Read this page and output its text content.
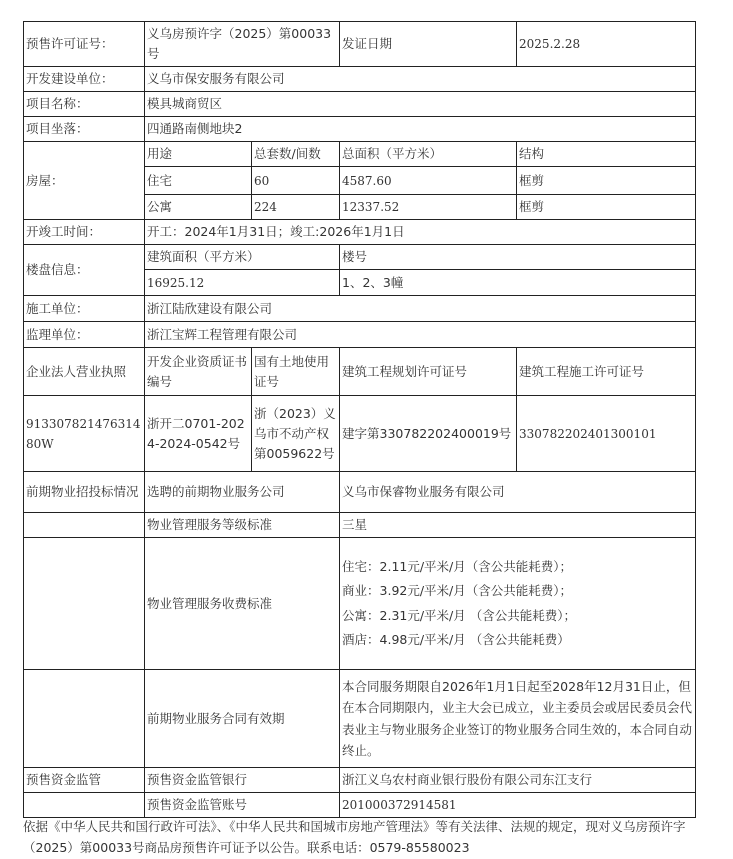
预售许可证号：	义乌房预许字（2025）第00033号		发证日期	2025.2.28
开发建设单位：	义乌市保安服务有限公司			
项目名称：	模具城商贸区			
项目坐落：	四通路南侧地块2			
房屋：	用途	总套数/间数	总面积（平方米）	结构
	住宅	60	4587.60	框剪
	公寓	224	12337.52	框剪
开竣工时间：	开工：2024年1月31日；竣工:2026年1月1日			
楼盘信息：	建筑面积（平方米）		楼号	
	16925.12		1、2、3幢	
施工单位：	浙江陆欣建设有限公司			
监理单位：	浙江宝辉工程管理有限公司			
企业法人营业执照	开发企业资质证书编号	国有土地使用证号	建筑工程规划许可证号	建筑工程施工许可证号
91330782147631480W	浙开二0701-2024-2024-0542号	浙（2023）义乌市不动产权第0059622号	建字第330782202400019号	330782202401300101
前期物业招投标情况	选聘的前期物业服务公司		义乌市保睿物业服务有限公司	
	物业管理服务等级标准		三星	
	物业管理服务收费标准		住宅：2.11元/平米/月（含公共能耗费）；
商业：3.92元/平米/月（含公共能耗费）；
公寓：2.31元/平米/月 （含公共能耗费）；
酒店：4.98元/平米/月 （含公共能耗费）	

	前期物业服务合同有效期		本合同服务期限自2026年1月1日起至2028年12月31日止，但在本合同期限内，业主大会已成立，业主委员会或居民委员会代表业主与物业服务企业签订的物业服务合同生效的，本合同自动终止。	
预售资金监管	预售资金监管银行		浙江义乌农村商业银行股份有限公司东江支行	
	预售资金监管账号		201000372914581	
依据《中华人民共和国行政许可法》、《中华人民共和国城市房地产管理法》等有关法律、法规的规定，现对义乌房预许字（2025）第00033号商品房预售许可证予以公告。联系电话：0579-85580023
